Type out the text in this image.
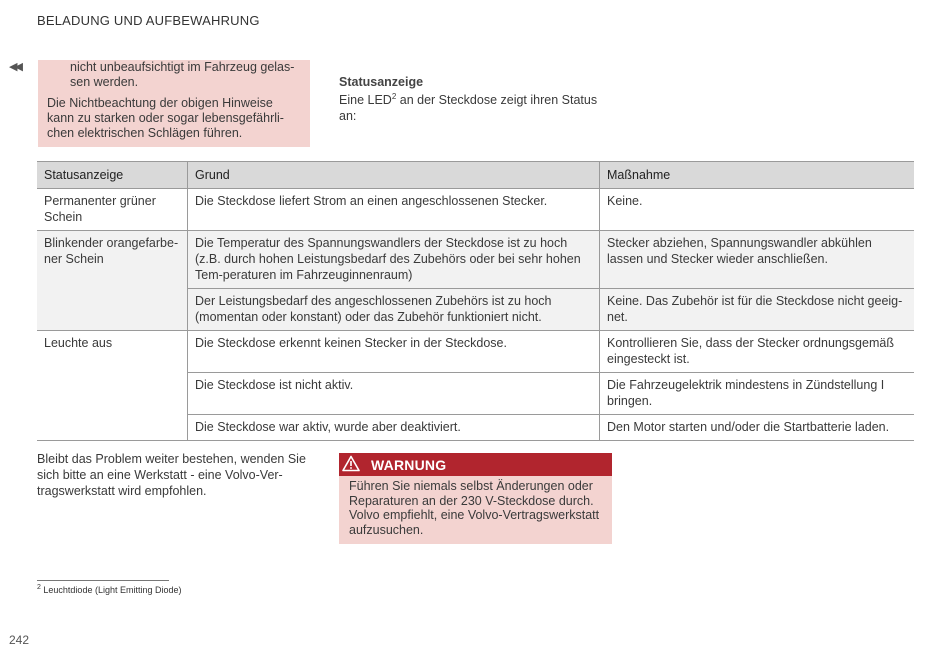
BELADUNG UND AUFBEWAHRUNG
◀◀	nicht unbeaufsichtigt im Fahrzeug gelas-sen werden.
Die Nichtbeachtung der obigen Hinweise kann zu starken oder sogar lebensgefährli-chen elektrischen Schlägen führen.
Statusanzeige
Eine LED$^2$ an der Steckdose zeigt ihren Status an:
Statusanzeige	Grund	Maßnahme
Permanenter grüner Schein	Die Steckdose liefert Strom an einen angeschlossenen Stecker.	Keine.
Blinkender orangefarbe-ner Schein	Die Temperatur des Spannungswandlers der Steckdose ist zu hoch (z.B. durch hohen Leistungsbedarf des Zubehörs oder bei sehr hohen Tem-peraturen im Fahrzeuginnenraum)	Stecker abziehen, Spannungswandler abkühlen lassen und Stecker wieder anschließen.
	Der Leistungsbedarf des angeschlossenen Zubehörs ist zu hoch (momentan oder konstant) oder das Zubehör funktioniert nicht.	Keine. Das Zubehör ist für die Steckdose nicht geeig-net.
Leuchte aus	Die Steckdose erkennt keinen Stecker in der Steckdose.	Kontrollieren Sie, dass der Stecker ordnungsgemäß eingesteckt ist.
	Die Steckdose ist nicht aktiv.	Die Fahrzeugelektrik mindestens in Zündstellung I bringen.
	Die Steckdose war aktiv, wurde aber deaktiviert.	Den Motor starten und/oder die Startbatterie laden.
Bleibt das Problem weiter bestehen, wenden Sie sich bitte an eine Werkstatt - eine Volvo-Ver-tragswerkstatt wird empfohlen.
WARNUNG
Führen Sie niemals selbst Änderungen oder Reparaturen an der 230 V-Steckdose durch. Volvo empfiehlt, eine Volvo-Vertragswerkstatt aufzusuchen.
$^2$ Leuchtdiode (Light Emitting Diode)
242
